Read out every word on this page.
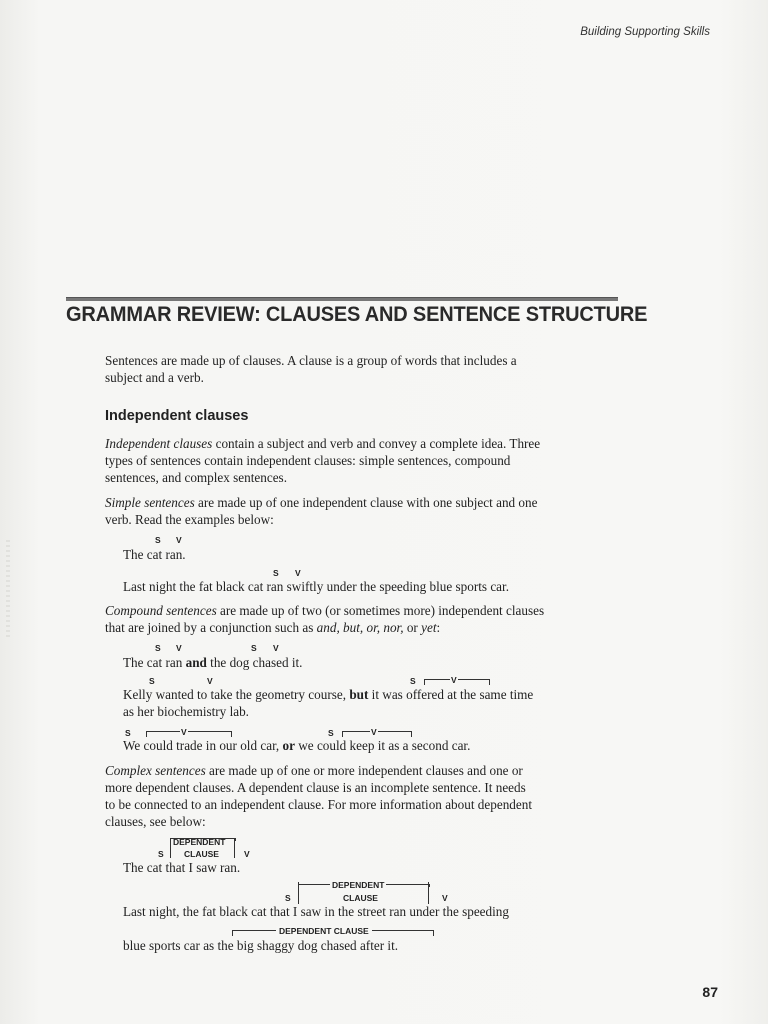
Building Supporting Skills
GRAMMAR REVIEW: CLAUSES AND SENTENCE STRUCTURE
Sentences are made up of clauses. A clause is a group of words that includes a
subject and a verb.
Independent clauses
Independent clauses contain a subject and verb and convey a complete idea. Three
types of sentences contain independent clauses: simple sentences, compound
sentences, and complex sentences.
Simple sentences are made up of one independent clause with one subject and one
verb. Read the examples below:
S V
The cat ran.
S V
Last night the fat black cat ran swiftly under the speeding blue sports car.
Compound sentences are made up of two (or sometimes more) independent clauses
that are joined by a conjunction such as and, but, or, nor, or yet:
S V	S V
The cat ran and the dog chased it.
S	V	S	V
Kelly wanted to take the geometry course, but it was offered at the same time
as her biochemistry lab.
S	V	S	V
We could trade in our old car, or we could keep it as a second car.
Complex sentences are made up of one or more independent clauses and one or
more dependent clauses. A dependent clause is an incomplete sentence. It needs
to be connected to an independent clause. For more information about dependent
clauses, see below:
DEPENDENT
S CLAUSE	V
The cat that I saw ran.
DEPENDENT
S	CLAUSE	V
Last night, the fat black cat that I saw in the street ran under the speeding
DEPENDENT CLAUSE
blue sports car as the big shaggy dog chased after it.
87
